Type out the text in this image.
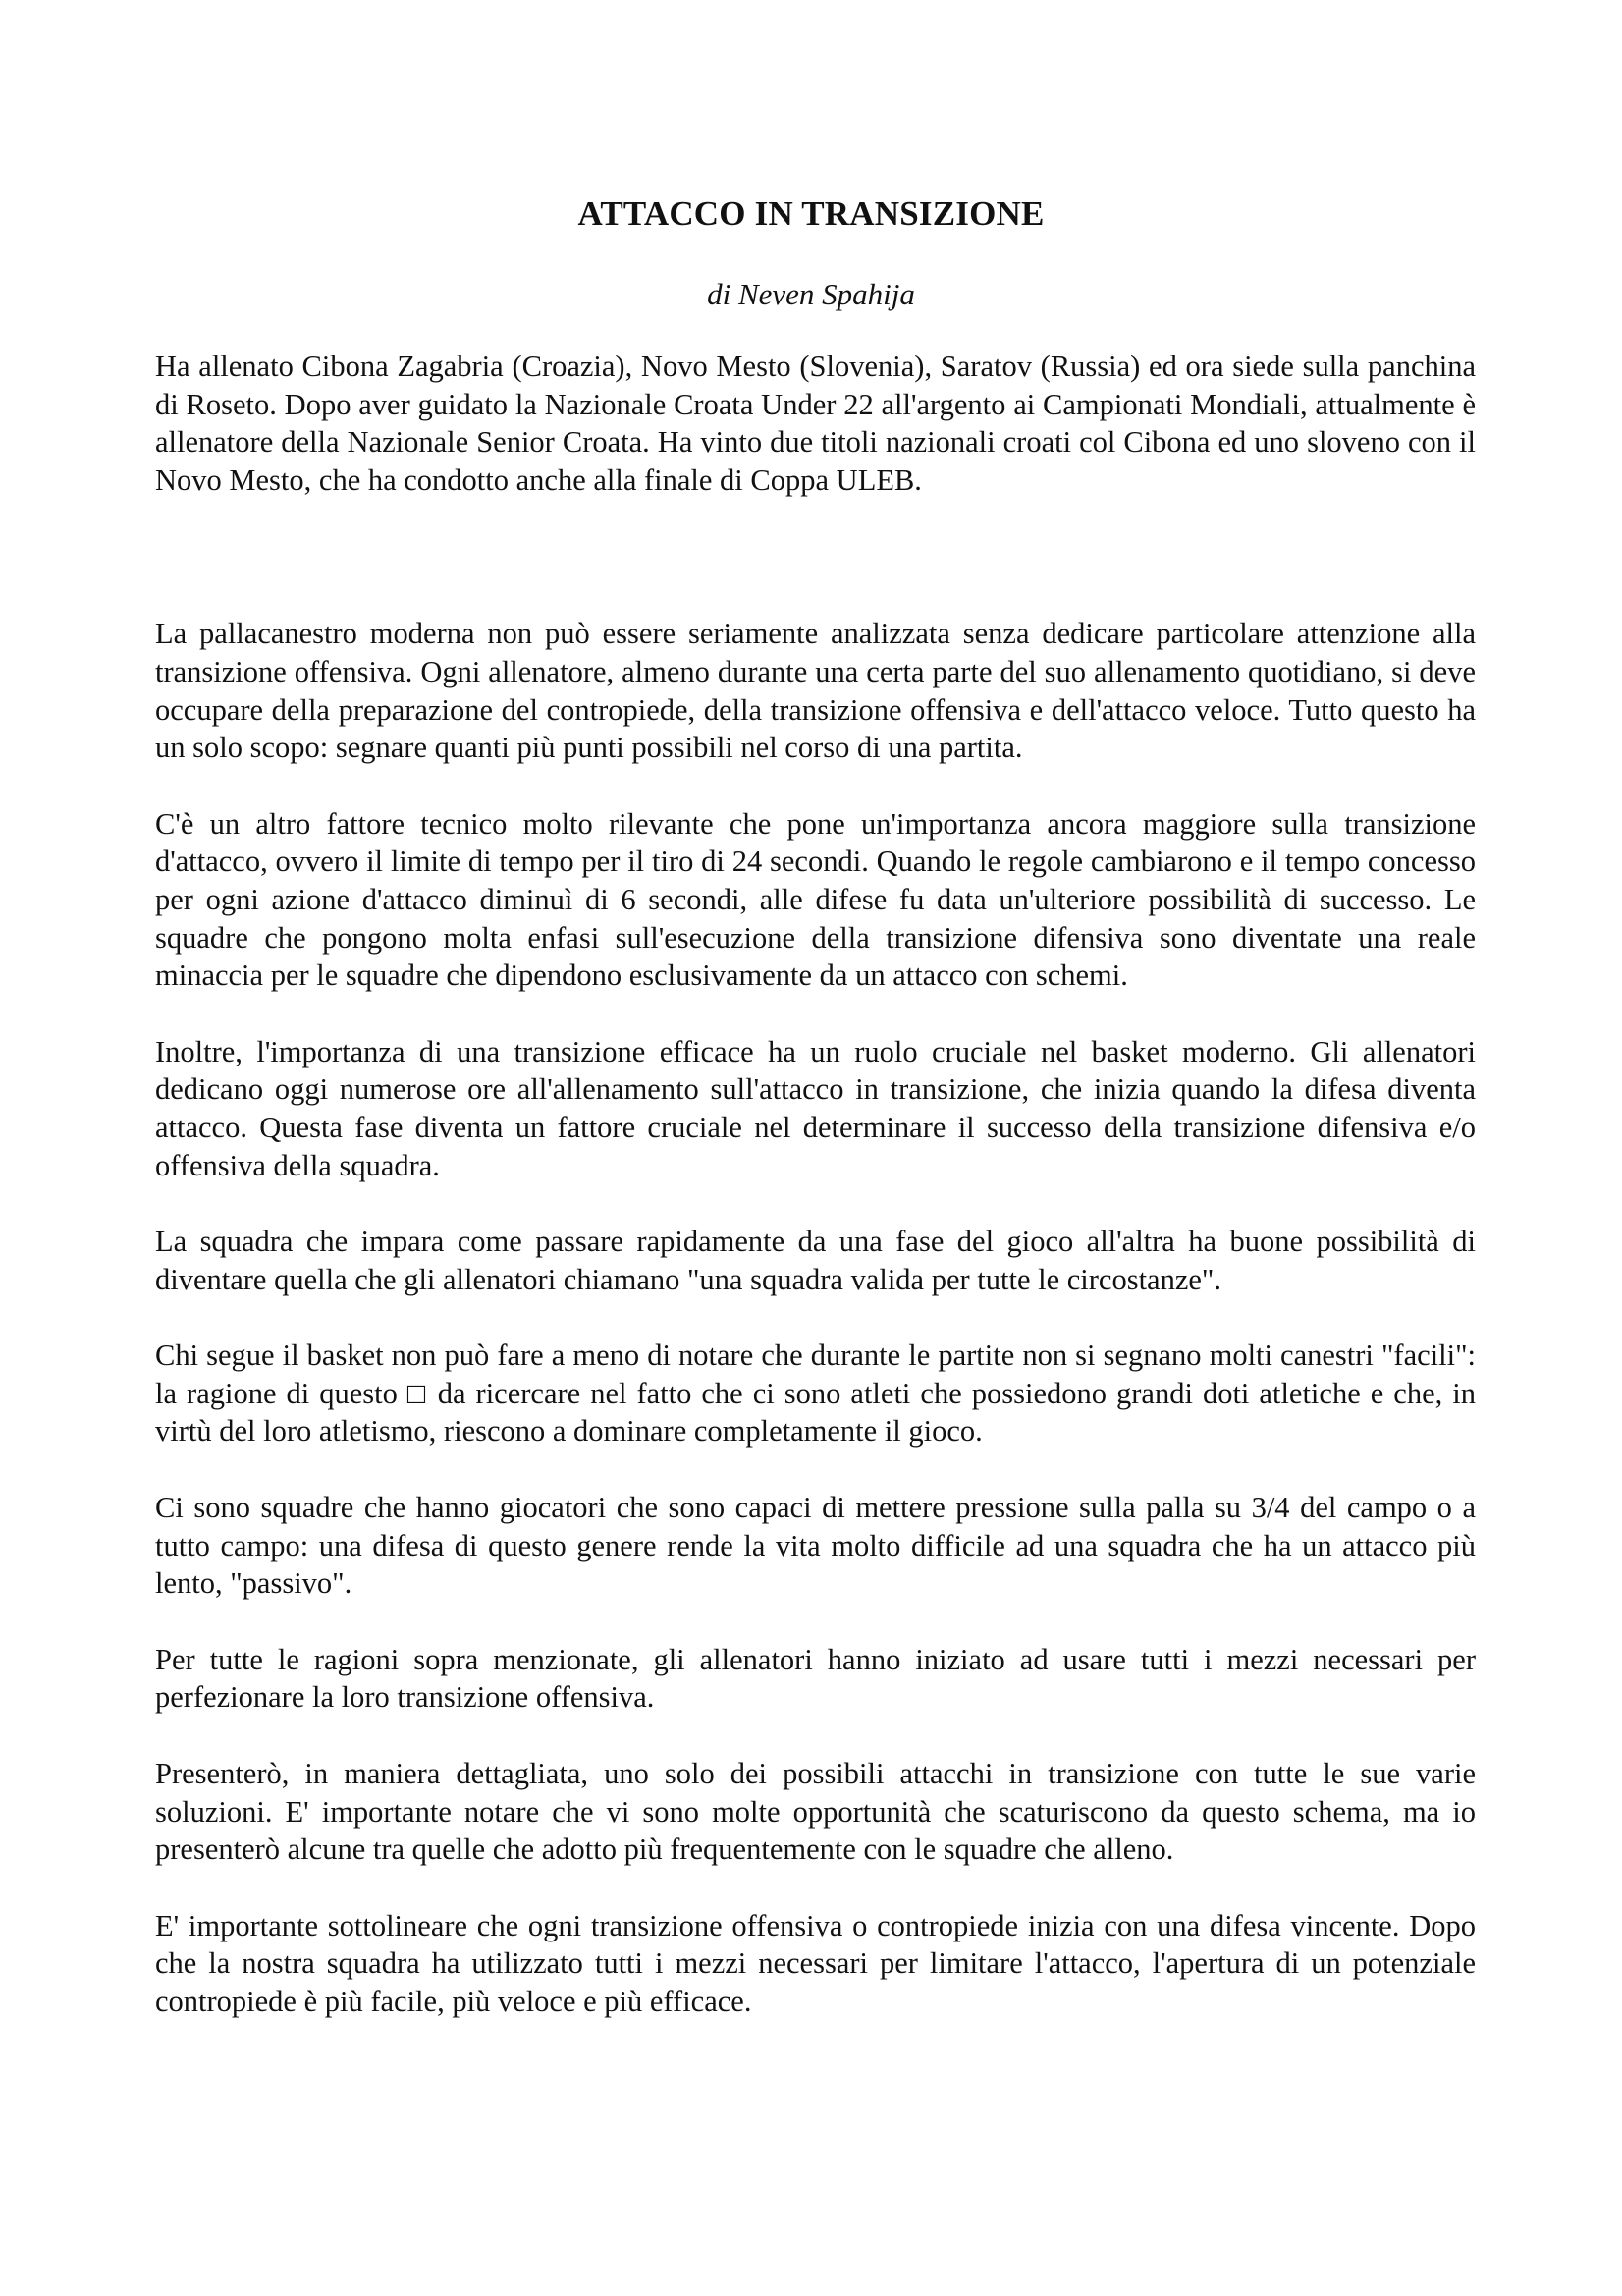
ATTACCO IN TRANSIZIONE
di Neven Spahija

Ha allenato Cibona Zagabria (Croazia), Novo Mesto (Slovenia), Saratov (Russia) ed ora siede sulla panchina di Roseto. Dopo aver guidato la Nazionale Croata Under 22 all'argento ai Campionati Mondiali, attualmente è allenatore della Nazionale Senior Croata. Ha vinto due titoli nazionali croati col Cibona ed uno sloveno con il Novo Mesto, che ha condotto anche alla finale di Coppa ULEB.

La pallacanestro moderna non può essere seriamente analizzata senza dedicare particolare attenzione alla transizione offensiva. Ogni allenatore, almeno durante una certa parte del suo allenamento quotidiano, si deve occupare della preparazione del contropiede, della transizione offensiva e dell'attacco veloce. Tutto questo ha un solo scopo: segnare quanti più punti possibili nel corso di una partita.

C'è un altro fattore tecnico molto rilevante che pone un'importanza ancora maggiore sulla transizione d'attacco, ovvero il limite di tempo per il tiro di 24 secondi. Quando le regole cambiarono e il tempo concesso per ogni azione d'attacco diminuì di 6 secondi, alle difese fu data un'ulteriore possibilità di successo. Le squadre che pongono molta enfasi sull'esecuzione della transizione difensiva sono diventate una reale minaccia per le squadre che dipendono esclusivamente da un attacco con schemi.

Inoltre, l'importanza di una transizione efficace ha un ruolo cruciale nel basket moderno. Gli allenatori dedicano oggi numerose ore all'allenamento sull'attacco in transizione, che inizia quando la difesa diventa attacco. Questa fase diventa un fattore cruciale nel determinare il successo della transizione difensiva e/o offensiva della squadra.

La squadra che impara come passare rapidamente da una fase del gioco all'altra ha buone possibilità di diventare quella che gli allenatori chiamano "una squadra valida per tutte le circostanze".

Chi segue il basket non può fare a meno di notare che durante le partite non si segnano molti canestri "facili": la ragione di questo □ da ricercare nel fatto che ci sono atleti che possiedono grandi doti atletiche e che, in virtù del loro atletismo, riescono a dominare completamente il gioco.

Ci sono squadre che hanno giocatori che sono capaci di mettere pressione sulla palla su 3/4 del campo o a tutto campo: una difesa di questo genere rende la vita molto difficile ad una squadra che ha un attacco più lento, "passivo".

Per tutte le ragioni sopra menzionate, gli allenatori hanno iniziato ad usare tutti i mezzi necessari per perfezionare la loro transizione offensiva.

Presenterò, in maniera dettagliata, uno solo dei possibili attacchi in transizione con tutte le sue varie soluzioni. E' importante notare che vi sono molte opportunità che scaturiscono da questo schema, ma io presenterò alcune tra quelle che adotto più frequentemente con le squadre che alleno.

E' importante sottolineare che ogni transizione offensiva o contropiede inizia con una difesa vincente. Dopo che la nostra squadra ha utilizzato tutti i mezzi necessari per limitare l'attacco, l'apertura di un potenziale contropiede è più facile, più veloce e più efficace.
